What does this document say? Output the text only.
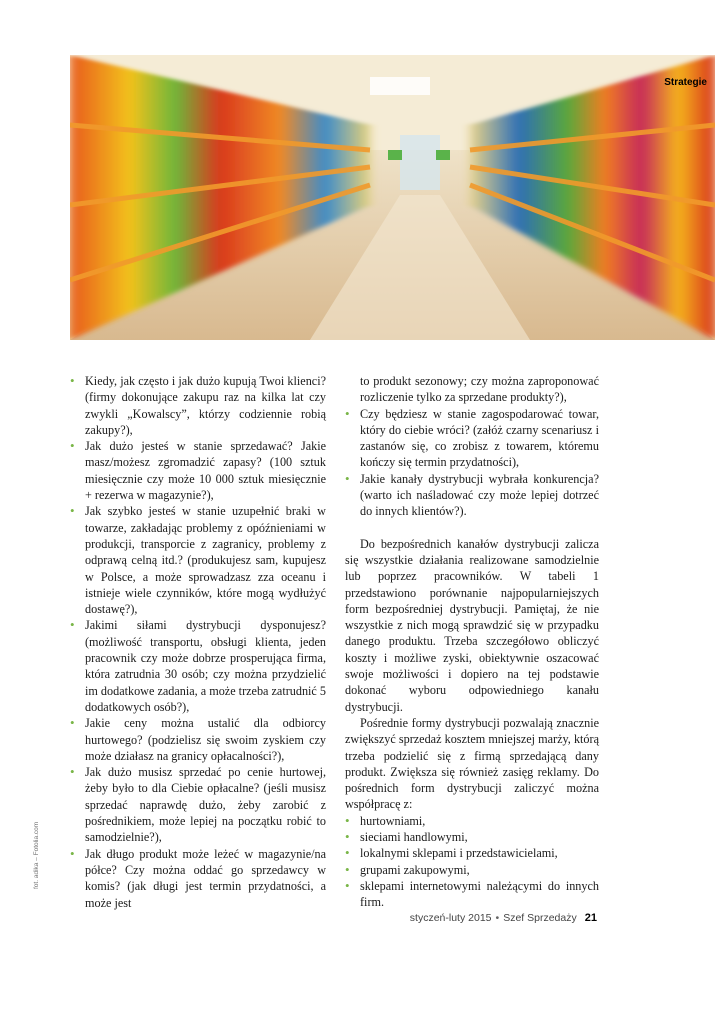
Strategie
• Kiedy, jak często i jak dużo kupują Twoi klienci? (firmy dokonujące zakupu raz na kilka lat czy zwykli „Kowalscy”, którzy codziennie robią zakupy?),
• Jak dużo jesteś w stanie sprzedawać? Jakie masz/możesz zgromadzić zapasy? (100 sztuk miesięcznie czy może 10 000 sztuk miesięcznie + rezerwa w magazynie?),
• Jak szybko jesteś w stanie uzupełnić braki w towarze, zakładając problemy z opóźnieniami w produkcji, transporcie z zagranicy, problemy z odprawą celną itd.? (produkujesz sam, kupujesz w Polsce, a może sprowadzasz zza oceanu i istnieje wiele czynników, które mogą wydłużyć dostawę?),
• Jakimi siłami dystrybucji dysponujesz? (możliwość transportu, obsługi klienta, jeden pracownik czy może dobrze prosperująca firma, która zatrudnia 30 osób; czy można przydzielić im dodatkowe zadania, a może trzeba zatrudnić 5 dodatkowych osób?),
• Jakie ceny można ustalić dla odbiorcy hurtowego? (podzielisz się swoim zyskiem czy może działasz na granicy opłacalności?),
• Jak dużo musisz sprzedać po cenie hurtowej, żeby było to dla Ciebie opłacalne? (jeśli musisz sprzedać naprawdę dużo, żeby zarobić z pośrednikiem, może lepiej na początku robić to samodzielnie?),
• Jak długo produkt może leżeć w magazynie/na półce? Czy można oddać go sprzedawcy w komis? (jak długi jest termin przydatności, a może jest
to produkt sezonowy; czy można zaproponować rozliczenie tylko za sprzedane produkty?),
• Czy będziesz w stanie zagospodarować towar, który do ciebie wróci? (załóż czarny scenariusz i zastanów się, co zrobisz z towarem, któremu kończy się termin przydatności),
• Jakie kanały dystrybucji wybrała konkurencja? (warto ich naśladować czy może lepiej dotrzeć do innych klientów?).

Do bezpośrednich kanałów dystrybucji zalicza się wszystkie działania realizowane samodzielnie lub poprzez pracowników. W tabeli 1 przedstawiono porównanie najpopularniejszych form bezpośredniej dystrybucji. Pamiętaj, że nie wszystkie z nich mogą sprawdzić się w przypadku danego produktu. Trzeba szczegółowo obliczyć koszty i możliwe zyski, obiektywnie oszacować swoje możliwości i dopiero na tej podstawie dokonać wyboru odpowiedniego kanału dystrybucji.

Pośrednie formy dystrybucji pozwalają znacznie zwiększyć sprzedaż kosztem mniejszej marży, którą trzeba podzielić się z firmą sprzedającą dany produkt. Zwiększa się również zasięg reklamy. Do pośrednich form dystrybucji zaliczyć można współpracę z:

• hurtowniami,
• sieciami handlowymi,
• lokalnymi sklepami i przedstawicielami,
• grupami zakupowymi,
• sklepami internetowymi należącymi do innych firm.
fot. adika – Fotolia.com
styczeń-luty 2015 • Szef Sprzedaży 21
